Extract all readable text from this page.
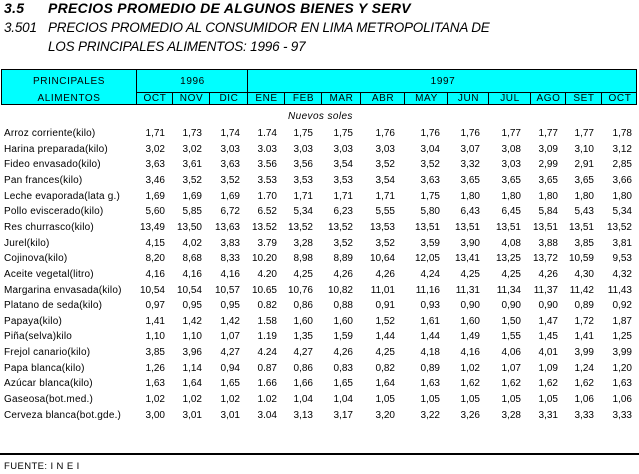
3.5 PRECIOS PROMEDIO DE ALGUNOS BIENES Y SERV
3.501 PRECIOS PROMEDIO AL CONSUMIDOR EN LIMA METROPOLITANA DE
LOS PRINCIPALES ALIMENTOS: 1996 - 97
PRINCIPALES
ALIMENTOS
1996	1997
OCT	NOV	DIC	ENE	FEB	MAR	ABR	MAY	JUN	JUL	AGO	SET	OCT
Nuevos soles
Arroz corriente(kilo)	1,71	1,73	1,74	1.74	1,75	1,75	1,76	1,76	1,76	1,77	1,77	1,77	1,78
Harina preparada(kilo)	3,02	3,02	3,03	3.03	3,03	3,03	3,03	3,04	3,07	3,08	3,09	3,10	3,12
Fideo envasado(kilo)	3,63	3,61	3,63	3.56	3,56	3,54	3,52	3,52	3,32	3,03	2,99	2,91	2,85
Pan frances(kilo)	3,46	3,52	3,52	3.53	3,53	3,53	3,54	3,63	3,65	3,65	3,65	3,65	3,66
Leche evaporada(lata g.)	1,69	1,69	1,69	1.70	1,71	1,71	1,71	1,75	1,80	1,80	1,80	1,80	1,80
Pollo eviscerado(kilo)	5,60	5,85	6,72	6.52	5,34	6,23	5,55	5,80	6,43	6,45	5,84	5,43	5,34
Res churrasco(kilo)	13,49	13,50	13,63	13.52	13,52	13,52	13,53	13,51	13,51	13,51	13,51	13,51	13,52
Jurel(kilo)	4,15	4,02	3,83	3.79	3,28	3,52	3,52	3,59	3,90	4,08	3,88	3,85	3,81
Cojinova(kilo)	8,20	8,68	8,33	10.20	8,98	8,89	10,64	12,05	13,41	13,25	13,72	10,59	9,53
Aceite vegetal(litro)	4,16	4,16	4,16	4.20	4,25	4,26	4,26	4,24	4,25	4,25	4,26	4,30	4,32
Margarina envasada(kilo)	10,54	10,54	10,57	10.65	10,76	10,82	11,01	11,16	11,31	11,34	11,37	11,42	11,43
Platano de seda(kilo)	0,97	0,95	0,95	0.82	0,86	0,88	0,91	0,93	0,90	0,90	0,90	0,89	0,92
Papaya(kilo)	1,41	1,42	1,42	1.58	1,60	1,60	1,52	1,61	1,60	1,50	1,47	1,72	1,87
Piña(selva)kilo	1,10	1,10	1,07	1.19	1,35	1,59	1,44	1,44	1,49	1,55	1,45	1,41	1,25
Frejol canario(kilo)	3,85	3,96	4,27	4.24	4,27	4,26	4,25	4,18	4,16	4,06	4,01	3,99	3,99
Papa blanca(kilo)	1,26	1,14	0,94	0.87	0,86	0,83	0,82	0,89	1,02	1,07	1,09	1,24	1,20
Azúcar blanca(kilo)	1,63	1,64	1,65	1.66	1,66	1,65	1,64	1,63	1,62	1,62	1,62	1,62	1,63
Gaseosa(bot.med.)	1,02	1,02	1,02	1.02	1,04	1,04	1,05	1,05	1,05	1,05	1,05	1,06	1,06
Cerveza blanca(bot.gde.)	3,00	3,01	3,01	3.04	3,13	3,17	3,20	3,22	3,26	3,28	3,31	3,33	3,33
FUENTE: I N E I
